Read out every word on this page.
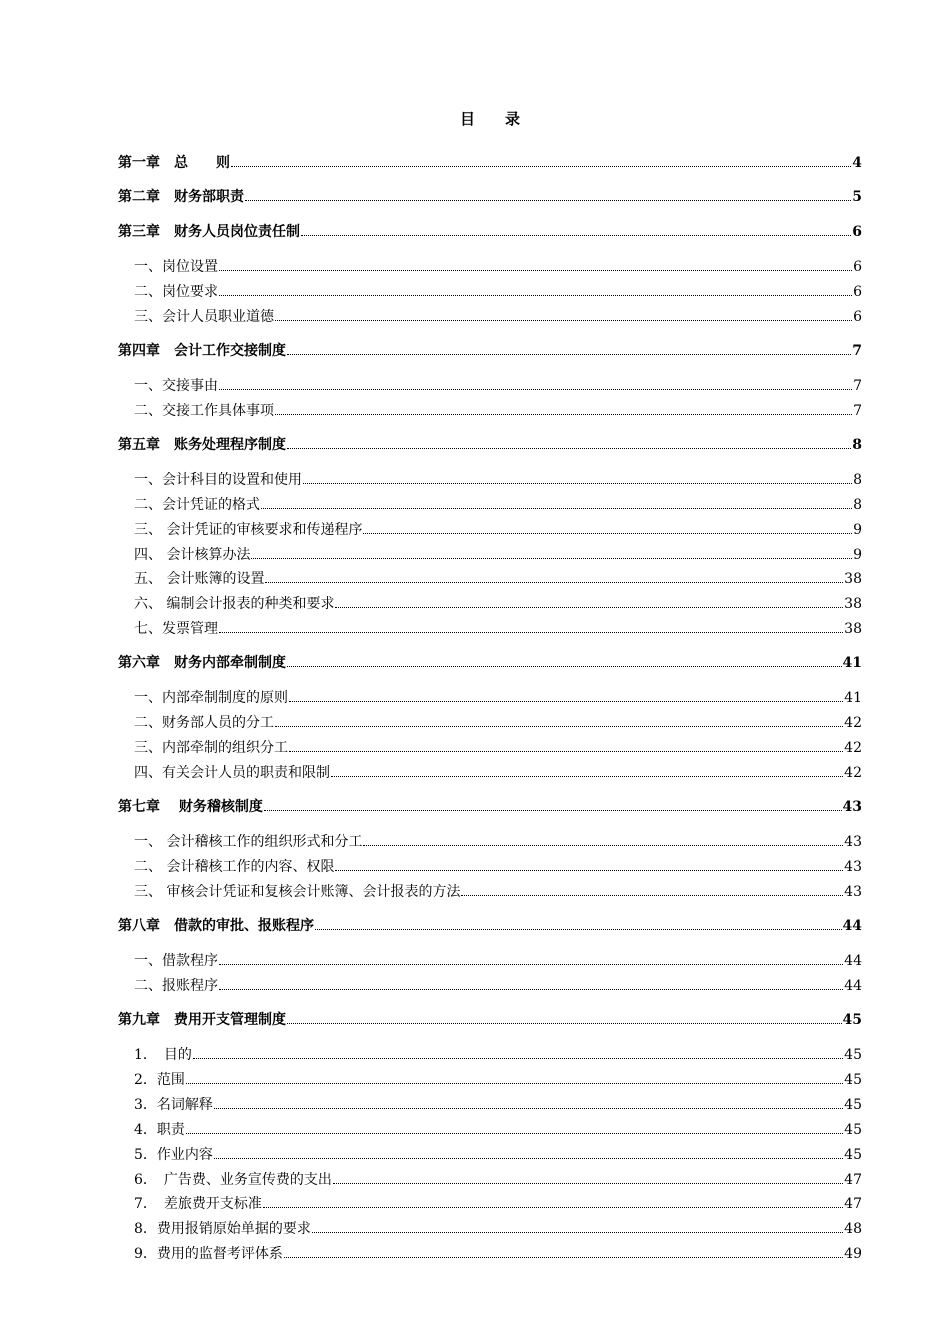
目　　录
第一章　总　　则	4
第二章　财务部职责	5
第三章　财务人员岗位责任制	6
一、岗位设置	6
二、岗位要求	6
三、会计人员职业道德	6
第四章　会计工作交接制度	7
一、交接事由	7
二、交接工作具体事项	7
第五章　账务处理程序制度	8
一、会计科目的设置和使用	8
二、会计凭证的格式	8
三、 会计凭证的审核要求和传递程序	9
四、 会计核算办法	9
五、 会计账簿的设置	38
六、 编制会计报表的种类和要求	38
七、发票管理	38
第六章　财务内部牵制制度	41
一、内部牵制制度的原则	41
二、财务部人员的分工	42
三、内部牵制的组织分工	42
四、有关会计人员的职责和限制	42
第七章 　财务稽核制度	43
一、 会计稽核工作的组织形式和分工	43
二、 会计稽核工作的内容、权限	43
三、 审核会计凭证和复核会计账簿、会计报表的方法	43
第八章　借款的审批、报账程序	44
一、借款程序	44
二、报账程序	44
第九章　费用开支管理制度	45
1．　目的	45
2．范围	45
3．名词解释	45
4．职责	45
5．作业内容	45
6．　广告费、业务宣传费的支出	47
7．　差旅费开支标准	47
8．费用报销原始单据的要求	48
9．费用的监督考评体系	49
